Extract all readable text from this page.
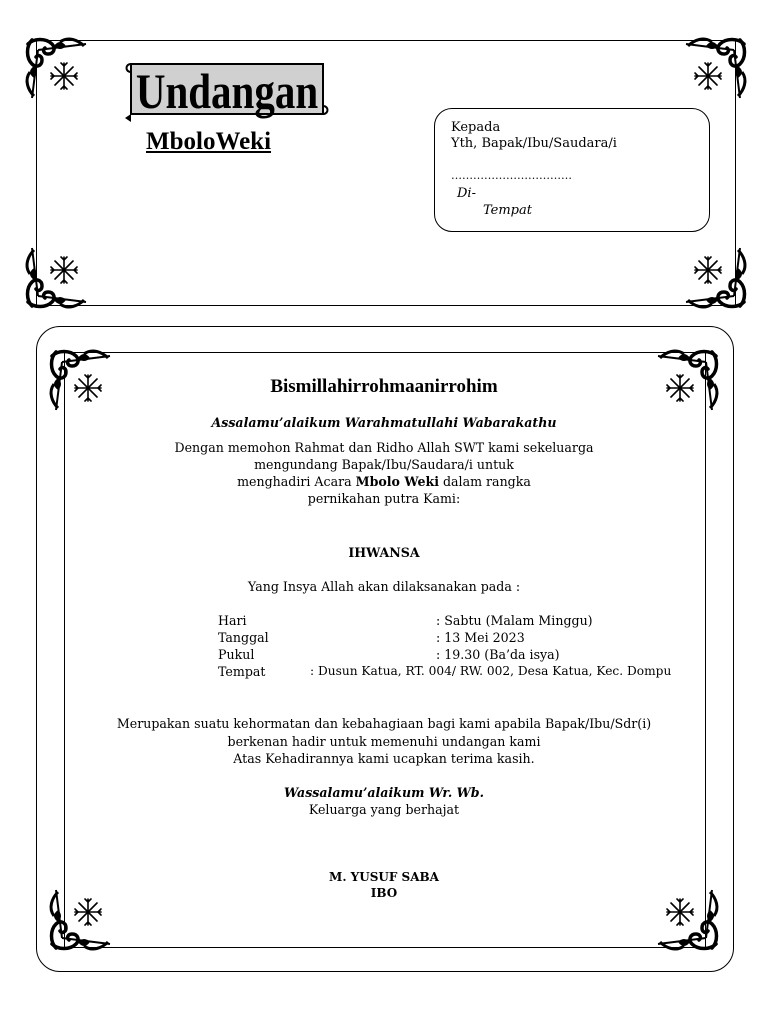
Undangan
MboloWeki
Kepada
Yth, Bapak/Ibu/Saudara/i
……………………………
Di-
Tempat
Bismillahirrohmaanirrohim
Assalamu’alaikum Warahmatullahi Wabarakathu
Dengan memohon Rahmat dan Ridho Allah SWT kami sekeluarga
mengundang Bapak/Ibu/Saudara/i untuk
menghadiri Acara Mbolo Weki dalam rangka
pernikahan putra Kami:
IHWANSA
Yang Insya Allah akan dilaksanakan pada :
Hari	: Sabtu (Malam Minggu)
Tanggal	: 13 Mei 2023
Pukul	: 19.30 (Ba’da isya)
Tempat	: Dusun Katua, RT. 004/ RW. 002, Desa Katua, Kec. Dompu
Merupakan suatu kehormatan dan kebahagiaan bagi kami apabila Bapak/Ibu/Sdr(i)
berkenan hadir untuk memenuhi undangan kami
Atas Kehadirannya kami ucapkan terima kasih.
Wassalamu’alaikum Wr. Wb.
Keluarga yang berhajat
M. YUSUF SABA
IBO
